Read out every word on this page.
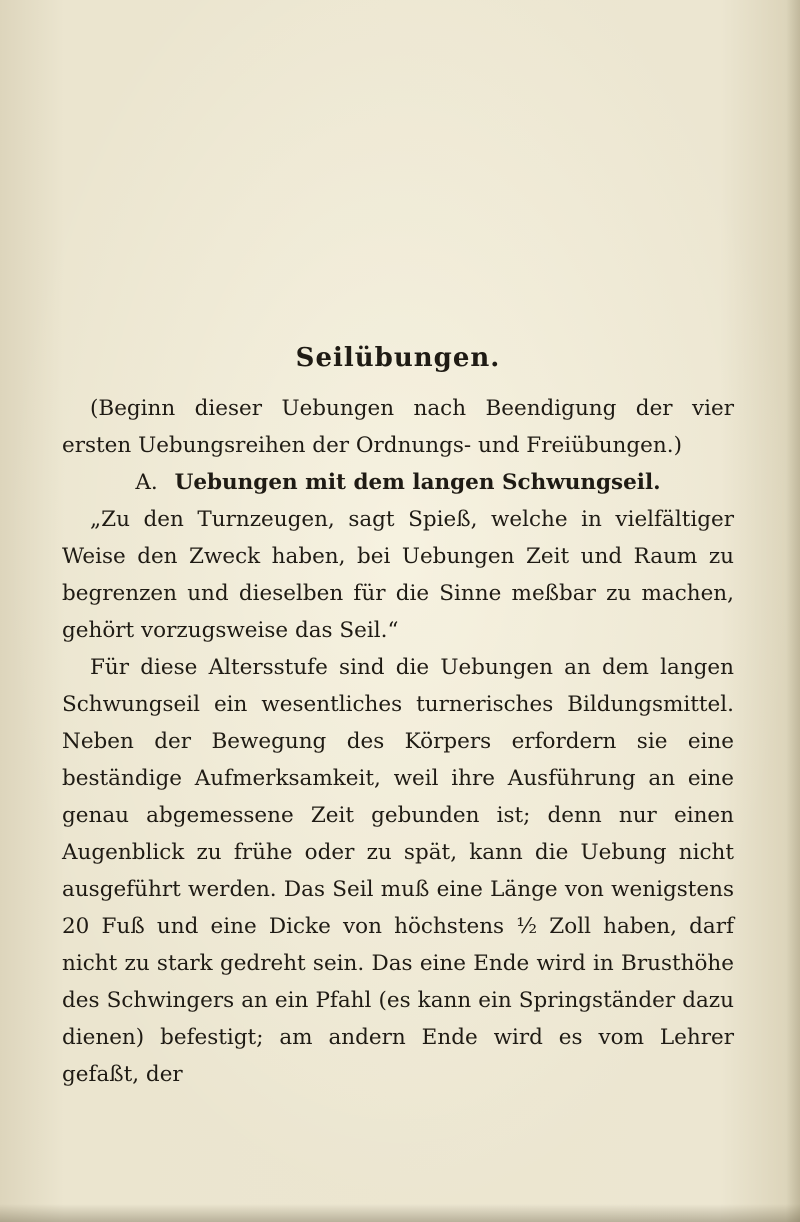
Seilübungen.

(Beginn dieser Uebungen nach Beendigung der vier ersten Uebungsreihen der Ordnungs- und Freiübungen.)

A. Uebungen mit dem langen Schwungseil.

„Zu den Turnzeugen, sagt Spieß, welche in vielfältiger Weise den Zweck haben, bei Uebungen Zeit und Raum zu begrenzen und dieselben für die Sinne meßbar zu machen, gehört vorzugsweise das Seil.“

Für diese Altersstufe sind die Uebungen an dem langen Schwungseil ein wesentliches turnerisches Bildungsmittel. Neben der Bewegung des Körpers erfordern sie eine beständige Aufmerksamkeit, weil ihre Ausführung an eine genau abgemessene Zeit gebunden ist; denn nur einen Augenblick zu frühe oder zu spät, kann die Uebung nicht ausgeführt werden. Das Seil muß eine Länge von wenigstens 20 Fuß und eine Dicke von höchstens ½ Zoll haben, darf nicht zu stark gedreht sein. Das eine Ende wird in Brusthöhe des Schwingers an ein Pfahl (es kann ein Springständer dazu dienen) befestigt; am andern Ende wird es vom Lehrer gefaßt, der
